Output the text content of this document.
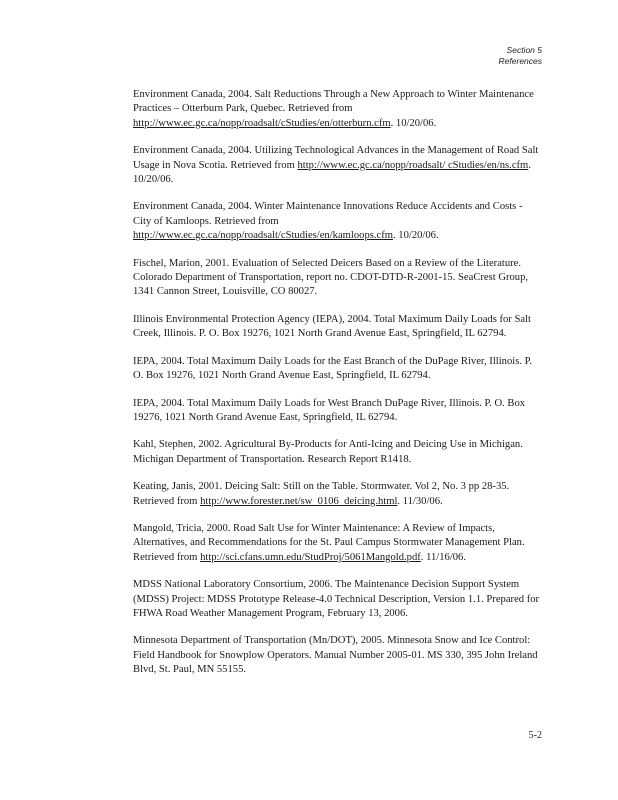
Section 5
References

Environment Canada, 2004. Salt Reductions Through a New Approach to Winter Maintenance Practices – Otterburn Park, Quebec. Retrieved from http://www.ec.gc.ca/nopp/roadsalt/cStudies/en/otterburn.cfm. 10/20/06.

Environment Canada, 2004. Utilizing Technological Advances in the Management of Road Salt Usage in Nova Scotia. Retrieved from http://www.ec.gc.ca/nopp/roadsalt/ cStudies/en/ns.cfm. 10/20/06.

Environment Canada, 2004. Winter Maintenance Innovations Reduce Accidents and Costs - City of Kamloops. Retrieved from http://www.ec.gc.ca/nopp/roadsalt/cStudies/en/kamloops.cfm. 10/20/06.

Fischel, Marion, 2001. Evaluation of Selected Deicers Based on a Review of the Literature. Colorado Department of Transportation, report no. CDOT-DTD-R-2001-15. SeaCrest Group, 1341 Cannon Street, Louisville, CO 80027.

Illinois Environmental Protection Agency (IEPA), 2004. Total Maximum Daily Loads for Salt Creek, Illinois. P. O. Box 19276, 1021 North Grand Avenue East, Springfield, IL 62794.

IEPA, 2004. Total Maximum Daily Loads for the East Branch of the DuPage River, Illinois. P. O. Box 19276, 1021 North Grand Avenue East, Springfield, IL 62794.

IEPA, 2004. Total Maximum Daily Loads for West Branch DuPage River, Illinois. P. O. Box 19276, 1021 North Grand Avenue East, Springfield, IL 62794.

Kahl, Stephen, 2002. Agricultural By-Products for Anti-Icing and Deicing Use in Michigan. Michigan Department of Transportation. Research Report R1418.

Keating, Janis, 2001. Deicing Salt: Still on the Table. Stormwater. Vol 2, No. 3 pp 28-35. Retrieved from http://www.forester.net/sw_0106_deicing.html. 11/30/06.

Mangold, Tricia, 2000. Road Salt Use for Winter Maintenance: A Review of Impacts, Alternatives, and Recommendations for the St. Paul Campus Stormwater Management Plan. Retrieved from http://sci.cfans.umn.edu/StudProj/5061Mangold.pdf. 11/16/06.

MDSS National Laboratory Consortium, 2006. The Maintenance Decision Support System (MDSS) Project: MDSS Prototype Release-4.0 Technical Description, Version 1.1. Prepared for FHWA Road Weather Management Program, February 13, 2006.

Minnesota Department of Transportation (Mn/DOT), 2005. Minnesota Snow and Ice Control: Field Handbook for Snowplow Operators. Manual Number 2005-01. MS 330, 395 John Ireland Blvd, St. Paul, MN 55155.

5-2
